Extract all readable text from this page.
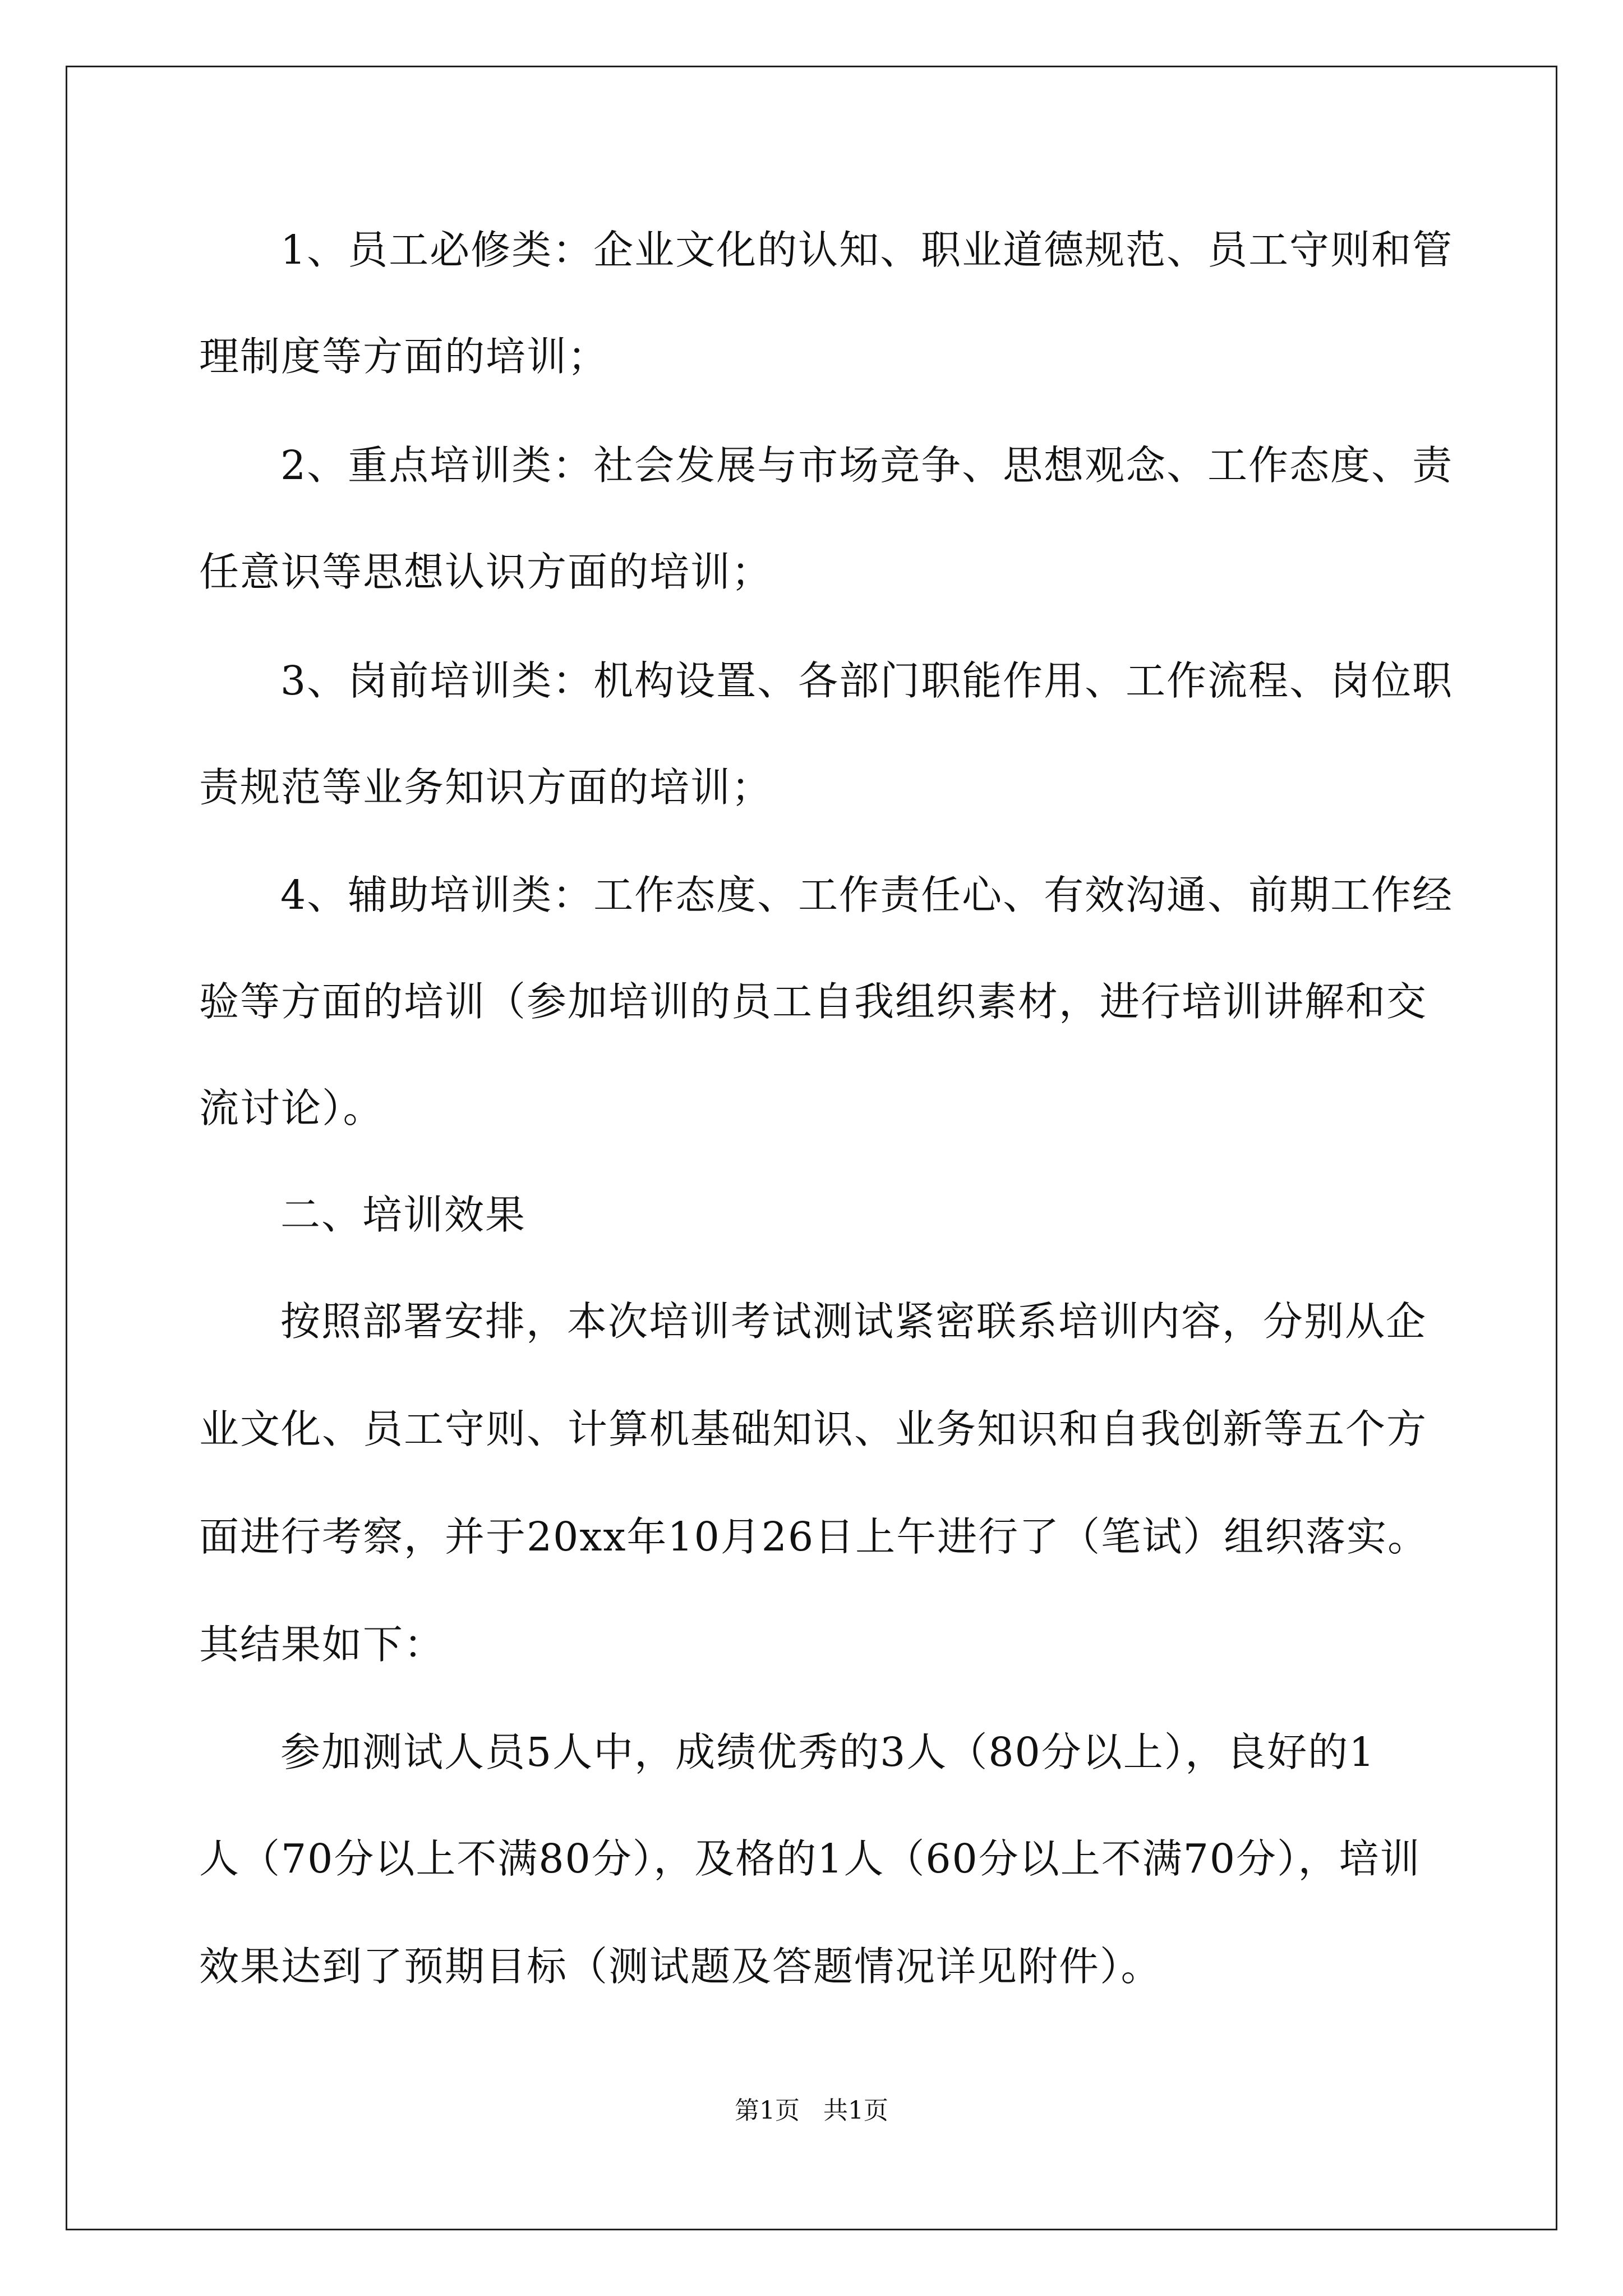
1、员工必修类：企业文化的认知、职业道德规范、员工守则和管
理制度等方面的培训；
2、重点培训类：社会发展与市场竞争、思想观念、工作态度、责
任意识等思想认识方面的培训；
3、岗前培训类：机构设置、各部门职能作用、工作流程、岗位职
责规范等业务知识方面的培训；
4、辅助培训类：工作态度、工作责任心、有效沟通、前期工作经
验等方面的培训（参加培训的员工自我组织素材，进行培训讲解和交
流讨论）。
二、培训效果
按照部署安排，本次培训考试测试紧密联系培训内容，分别从企
业文化、员工守则、计算机基础知识、业务知识和自我创新等五个方
面进行考察，并于20xx年10月26日上午进行了（笔试）组织落实。
其结果如下：
参加测试人员5人中，成绩优秀的3人（80分以上），良好的1
人（70分以上不满80分），及格的1人（60分以上不满70分），培训
效果达到了预期目标（测试题及答题情况详见附件）。
第1页   共1页
